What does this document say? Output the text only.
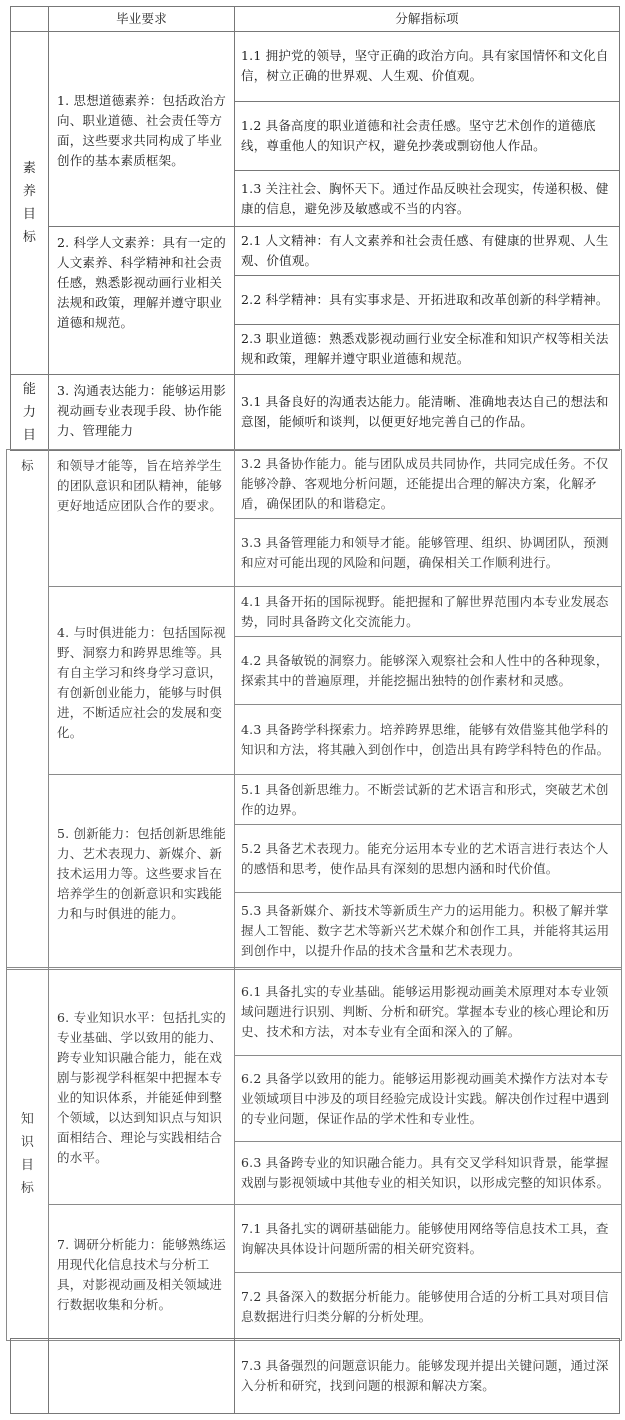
	毕业要求	分解指标项
素养目标	1. 思想道德素养：包括政治方向、职业道德、社会责任等方面，这些要求共同构成了毕业创作的基本素质框架。	1.1 拥护党的领导，坚守正确的政治方向。具有家国情怀和文化自信，树立正确的世界观、人生观、价值观。
		1.2 具备高度的职业道德和社会责任感。坚守艺术创作的道德底线，尊重他人的知识产权，避免抄袭或剽窃他人作品。
		1.3 关注社会、胸怀天下。通过作品反映社会现实，传递积极、健康的信息，避免涉及敏感或不当的内容。
	2. 科学人文素养：具有一定的人文素养、科学精神和社会责任感，熟悉影视动画行业相关法规和政策，理解并遵守职业道德和规范。	2.1 人文精神：有人文素养和社会责任感、有健康的世界观、人生观、价值观。
		2.2 科学精神：具有实事求是、开拓进取和改革创新的科学精神。
		2.3 职业道德：熟悉戏影视动画行业安全标准和知识产权等相关法规和政策，理解并遵守职业道德和规范。
能力目	3. 沟通表达能力：能够运用影视动画专业表现手段、协作能力、管理能力	3.1 具备良好的沟通表达能力。能清晰、准确地表达自己的想法和意图，能倾听和谈判，以便更好地完善自己的作品。
标	和领导才能等，旨在培养学生的团队意识和团队精神，能够更好地适应团队合作的要求。	3.2 具备协作能力。能与团队成员共同协作，共同完成任务。不仅能够冷静、客观地分析问题，还能提出合理的解决方案，化解矛盾，确保团队的和谐稳定。
		3.3 具备管理能力和领导才能。能够管理、组织、协调团队，预测和应对可能出现的风险和问题，确保相关工作顺利进行。
	4. 与时俱进能力：包括国际视野、洞察力和跨界思维等。具有自主学习和终身学习意识，有创新创业能力，能够与时俱进，不断适应社会的发展和变化。	4.1 具备开拓的国际视野。能把握和了解世界范围内本专业发展态势，同时具备跨文化交流能力。
		4.2 具备敏锐的洞察力。能够深入观察社会和人性中的各种现象，探索其中的普遍原理，并能挖掘出独特的创作素材和灵感。
		4.3 具备跨学科探索力。培养跨界思维，能够有效借鉴其他学科的知识和方法，将其融入到创作中，创造出具有跨学科特色的作品。
	5. 创新能力：包括创新思维能力、艺术表现力、新媒介、新技术运用力等。这些要求旨在培养学生的创新意识和实践能力和与时俱进的能力。	5.1 具备创新思维力。不断尝试新的艺术语言和形式，突破艺术创作的边界。
		5.2 具备艺术表现力。能充分运用本专业的艺术语言进行表达个人的感悟和思考，使作品具有深刻的思想内涵和时代价值。
		5.3 具备新媒介、新技术等新质生产力的运用能力。积极了解并掌握人工智能、数字艺术等新兴艺术媒介和创作工具，并能将其运用到创作中，以提升作品的技术含量和艺术表现力。
知识目标	6. 专业知识水平：包括扎实的专业基础、学以致用的能力、跨专业知识融合能力，能在戏剧与影视学科框架中把握本专业的知识体系，并能延伸到整个领域，以达到知识点与知识面相结合、理论与实践相结合的水平。	6.1 具备扎实的专业基础。能够运用影视动画美术原理对本专业领域问题进行识别、判断、分析和研究。掌握本专业的核心理论和历史、技术和方法，对本专业有全面和深入的了解。
		6.2 具备学以致用的能力。能够运用影视动画美术操作方法对本专业领域项目中涉及的项目经验完成设计实践。解决创作过程中遇到的专业问题，保证作品的学术性和专业性。
		6.3 具备跨专业的知识融合能力。具有交叉学科知识背景，能掌握戏剧与影视领域中其他专业的相关知识，以形成完整的知识体系。
	7. 调研分析能力：能够熟练运用现代化信息技术与分析工具，对影视动画及相关领域进行数据收集和分析。	7.1 具备扎实的调研基础能力。能够使用网络等信息技术工具，查询解决具体设计问题所需的相关研究资料。
		7.2 具备深入的数据分析能力。能够使用合适的分析工具对项目信息数据进行归类分解的分析处理。
		7.3 具备强烈的问题意识能力。能够发现并提出关键问题，通过深入分析和研究，找到问题的根源和解决方案。
